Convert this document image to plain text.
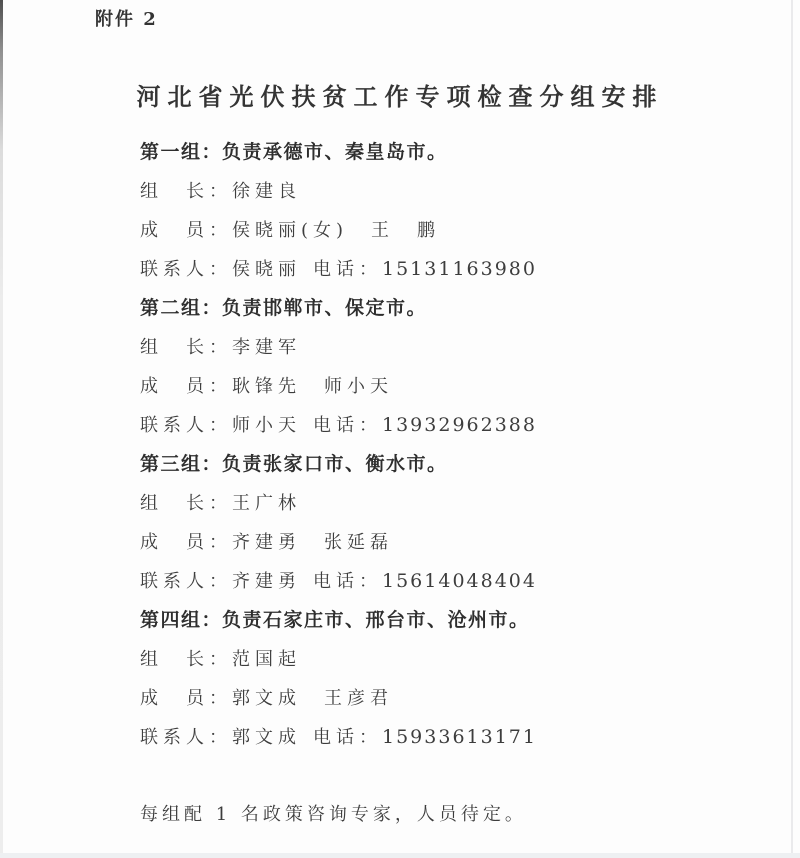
附件 2
河北省光伏扶贫工作专项检查分组安排
第一组：负责承德市、秦皇岛市。
组　长：徐建良
成　员：侯晓丽(女)　王　鹏
联系人：侯晓丽 电话：15131163980
第二组：负责邯郸市、保定市。
组　长：李建军
成　员：耿锋先　师小天
联系人：师小天 电话：13932962388
第三组：负责张家口市、衡水市。
组　长：王广林
成　员：齐建勇　张延磊
联系人：齐建勇 电话：15614048404
第四组：负责石家庄市、邢台市、沧州市。
组　长：范国起
成　员：郭文成　王彦君
联系人：郭文成 电话：15933613171
每组配 1 名政策咨询专家，人员待定。
